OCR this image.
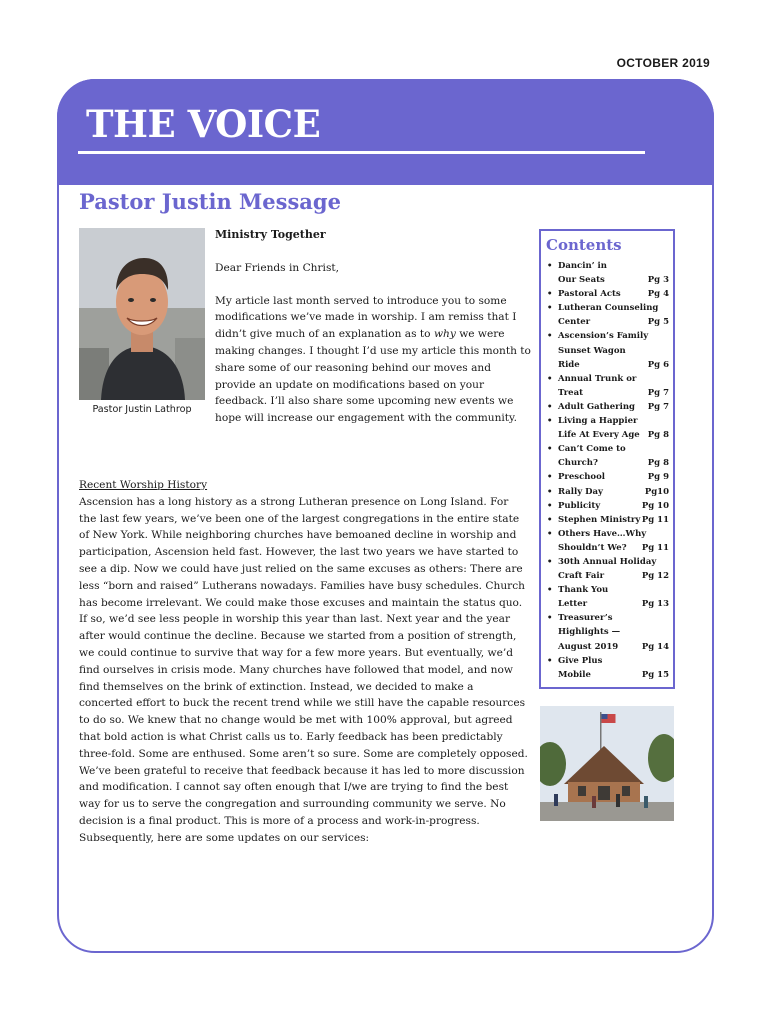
OCTOBER 2019
THE VOICE
Pastor Justin Message
Pastor Justin Lathrop

Ministry Together

Dear Friends in Christ,

My article last month served to introduce you to some modifications we’ve made in worship. I am remiss that I didn’t give much of an explanation as to why we were making changes. I thought I’d use my article this month to share some of our reasoning behind our moves and provide an update on modifications based on your feedback. I’ll also share some upcoming new events we hope will increase our engagement with the community.

Recent Worship History

Ascension has a long history as a strong Lutheran presence on Long Island. For the last few years, we’ve been one of the largest congregations in the entire state of New York. While neighboring churches have bemoaned decline in worship and participation, Ascension held fast. However, the last two years we have started to see a dip. Now we could have just relied on the same excuses as others: There are less “born and raised” Lutherans nowadays. Families have busy schedules. Church has become irrelevant. We could make those excuses and maintain the status quo. If so, we’d see less people in worship this year than last. Next year and the year after would continue the decline. Because we started from a position of strength, we could continue to survive that way for a few more years. But eventually, we’d find ourselves in crisis mode. Many churches have followed that model, and now find themselves on the brink of extinction. Instead, we decided to make a concerted effort to buck the recent trend while we still have the capable resources to do so. We knew that no change would be met with 100% approval, but agreed that bold action is what Christ calls us to. Early feedback has been predictably three-fold. Some are enthused. Some aren’t so sure. Some are completely opposed. We’ve been grateful to receive that feedback because it has led to more discussion and modification. I cannot say often enough that I/we are trying to find the best way for us to serve the congregation and surrounding community we serve. No decision is a final product. This is more of a process and work-in-progress. Subsequently, here are some updates on our services:

Contents
• Dancin’ in
Our Seats	Pg 3
• Pastoral Acts	Pg 4
• Lutheran Counseling
Center	Pg 5
• Ascension’s Family
Sunset Wagon
Ride	Pg 6
• Annual Trunk or
Treat	Pg 7
• Adult Gathering Pg 7
• Living a Happier
Life At Every Age Pg 8
• Can’t Come to
Church?	Pg 8
• Preschool	Pg 9
• Rally Day	Pg10
• Publicity	Pg 10
• Stephen Ministry Pg 11
• Others Have…Why
Shouldn’t We? Pg 11
• 30th Annual Holiday
Craft Fair	Pg 12
• Thank You
Letter	Pg 13
• Treasurer’s
Highlights —
August 2019	Pg 14
• Give Plus
Mobile	Pg 15
